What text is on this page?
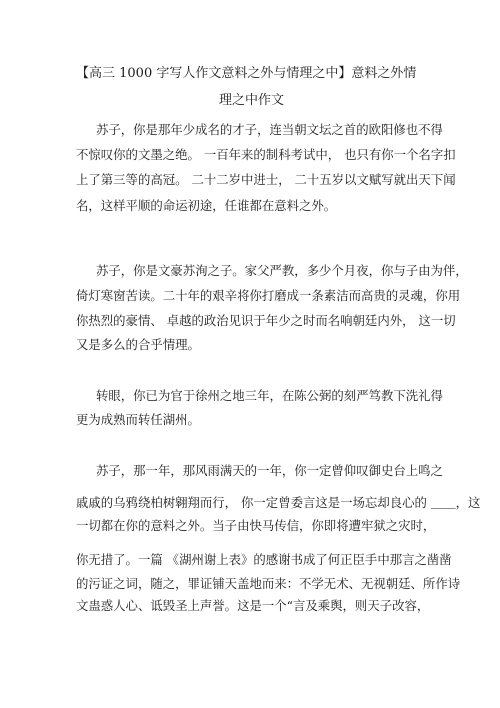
【高三 1000 字写人作文意料之外与情理之中】意料之外情
理之中作文
苏子，你是那年少成名的才子，连当朝文坛之首的欧阳修也不得
不惊叹你的文墨之绝。 一百年来的制科考试中， 也只有你一个名字扣
上了第三等的高冠。 二十二岁中进士， 二十五岁以文赋写就出天下闻
名，这样平顺的命运初途，任谁都在意料之外。
苏子，你是文豪苏洵之子。家父严教，多少个月夜，你与子由为伴，
倚灯寒窗苦读。二十年的艰辛将你打磨成一条素洁而高贵的灵魂，你用
你热烈的豪情、 卓越的政治见识于年少之时而名响朝廷内外， 这一切
又是多么的合乎情理。
转眼，你已为官于徐州之地三年，在陈公弼的刻严笃教下洗礼得
更为成熟而转任湖州。
苏子，那一年，那风雨满天的一年，你一定曾仰叹御史台上鸣之
戚戚的乌鸦绕柏树翱翔而行， 你一定曾委言这是一场忘却良心的 ＿＿，这
一切都在你的意料之外。当子由快马传信，你即将遭牢狱之灾时，
你无措了。一篇 《湖州谢上表》的感谢书成了何正臣手中那言之凿凿
的污证之词，随之，罪证铺天盖地而来：不学无术、无视朝廷、所作诗
文蛊惑人心、诋毁圣上声誉。这是一个“言及乘舆，则天子改容，
